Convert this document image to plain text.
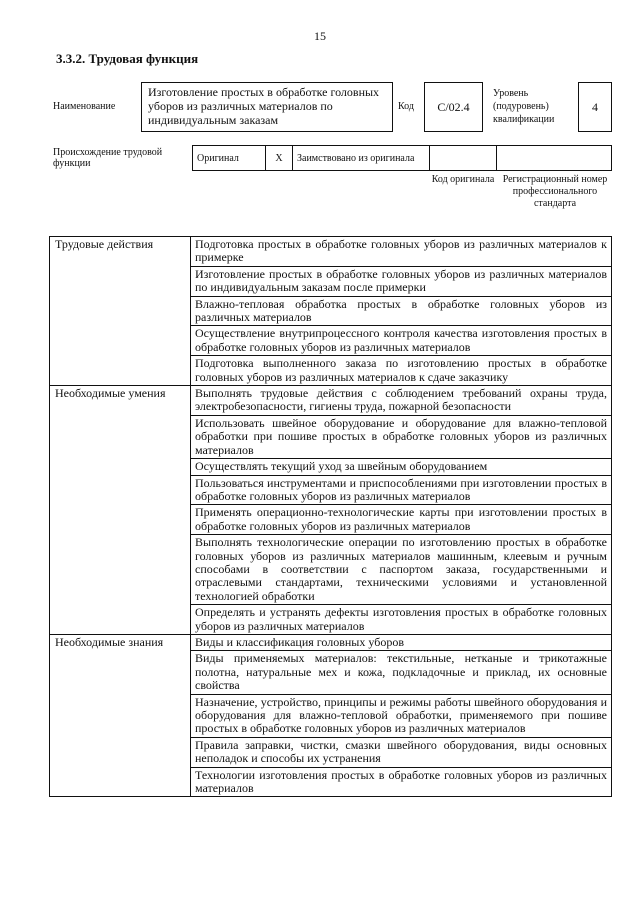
15
3.3.2. Трудовая функция
Наименование
Изготовление простых в обработке головных уборов из различных материалов по индивидуальным заказам
Код	С/02.4
Уровень (подуровень) квалификации
4
Происхождение трудовой функции	Оригинал	X	Заимствовано из оригинала		
Код оригинала Регистрационный номер профессионального стандарта
Трудовые действия	Подготовка простых в обработке головных уборов из различных материалов к примерке
	Изготовление простых в обработке головных уборов из различных материалов по индивидуальным заказам после примерки
	Влажно-тепловая обработка простых в обработке головных уборов из различных материалов
	Осуществление внутрипроцессного контроля качества изготовления простых в обработке головных уборов из различных материалов
	Подготовка выполненного заказа по изготовлению простых в обработке головных уборов из различных материалов к сдаче заказчику
Необходимые умения	Выполнять трудовые действия с соблюдением требований охраны труда, электробезопасности, гигиены труда, пожарной безопасности
	Использовать швейное оборудование и оборудование для влажно-тепловой обработки при пошиве простых в обработке головных уборов из различных материалов
	Осуществлять текущий уход за швейным оборудованием
	Пользоваться инструментами и приспособлениями при изготовлении простых в обработке головных уборов из различных материалов
	Применять операционно-технологические карты при изготовлении простых в обработке головных уборов из различных материалов
	Выполнять технологические операции по изготовлению простых в обработке головных уборов из различных материалов машинным, клеевым и ручным способами в соответствии с паспортом заказа, государственными и отраслевыми стандартами, техническими условиями и установленной технологией обработки
	Определять и устранять дефекты изготовления простых в обработке головных уборов из различных материалов
Необходимые знания	Виды и классификация головных уборов
	Виды применяемых материалов: текстильные, нетканые и трикотажные полотна, натуральные мех и кожа, подкладочные и приклад, их основные свойства
	Назначение, устройство, принципы и режимы работы швейного оборудования и оборудования для влажно-тепловой обработки, применяемого при пошиве простых в обработке головных уборов из различных материалов
	Правила заправки, чистки, смазки швейного оборудования, виды основных неполадок и способы их устранения
	Технологии изготовления простых в обработке головных уборов из различных материалов
